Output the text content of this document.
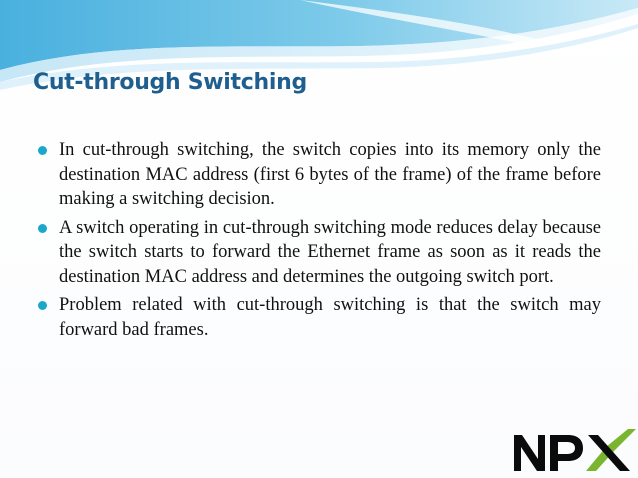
Cut-through Switching
In cut-through switching, the switch copies into its memory only the destination MAC address (first 6 bytes of the frame) of the frame before making a switching decision.
A switch operating in cut-through switching mode reduces delay because the switch starts to forward the Ethernet frame as soon as it reads the destination MAC address and determines the outgoing switch port.
Problem related with cut-through switching is that the switch may forward bad frames.
